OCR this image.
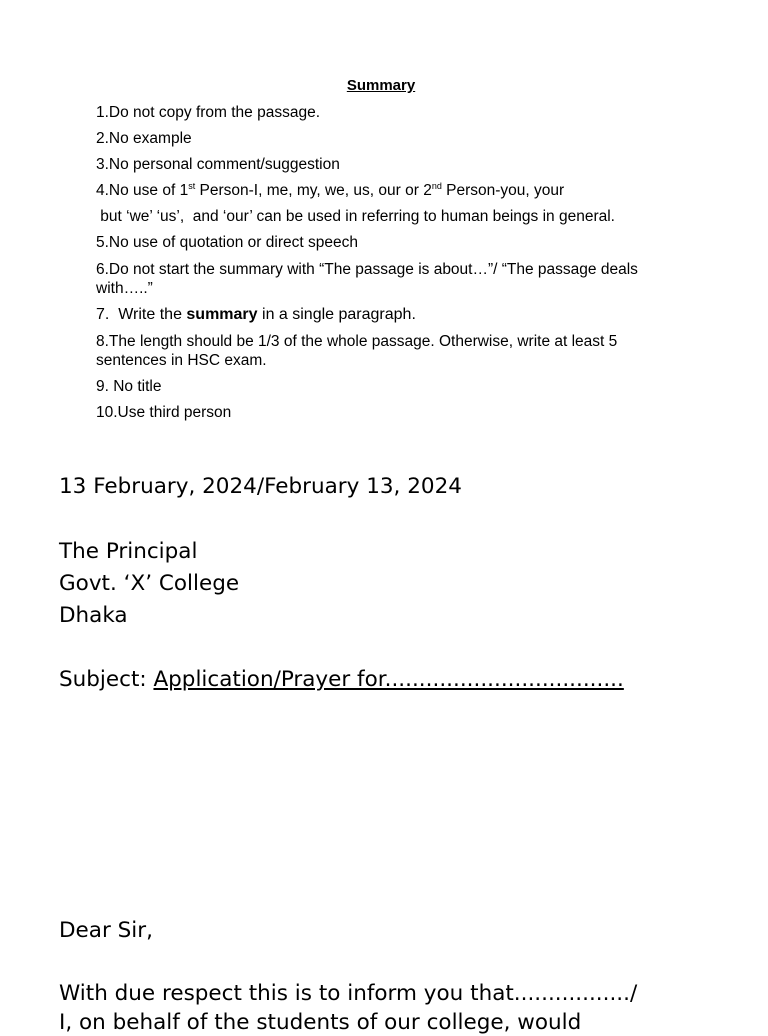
Summary
1.Do not copy from the passage.
2.No example
3.No personal comment/suggestion
4.No use of 1st Person-I, me, my, we, us, our or 2nd Person-you, your
but ‘we’ ‘us’,  and ‘our’ can be used in referring to human beings in general.
5.No use of quotation or direct speech
6.Do not start the summary with “The passage is about…”/ “The passage deals with…..”
7.  Write the summary in a single paragraph.
8.The length should be 1/3 of the whole passage. Otherwise, write at least 5 sentences in HSC exam.
9. No title
10.Use third person
13 February, 2024/February 13, 2024
The Principal
Govt. ‘X’ College
Dhaka
Subject: Application/Prayer for...................................
Dear Sir,
With due respect this is to inform you that................./
I, on behalf of the students of our college, would
